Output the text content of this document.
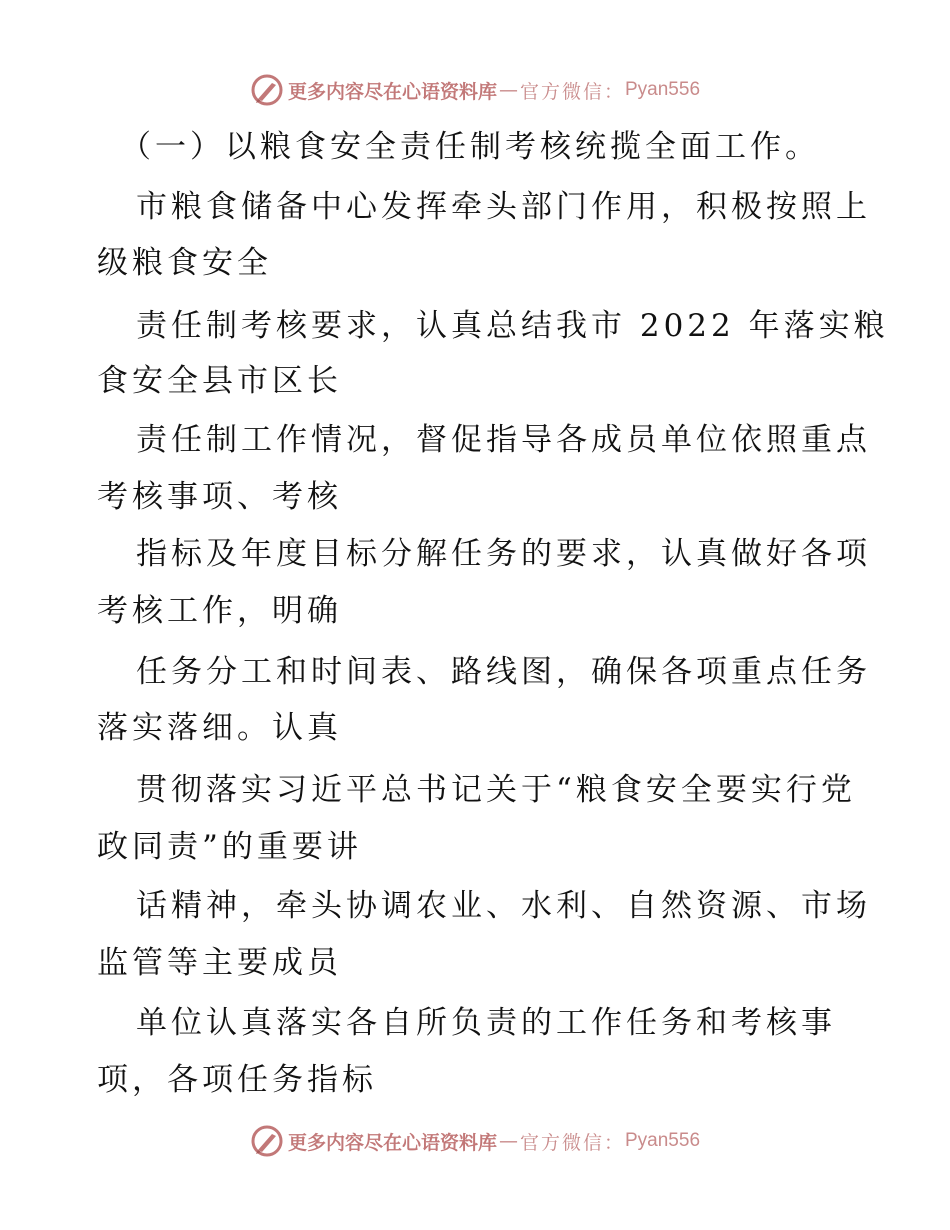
更多内容尽在心语资料库 — 官方微信： Pyan556
（一）以粮食安全责任制考核统揽全面工作。
市粮食储备中心发挥牵头部门作用，积极按照上
级粮食安全
责任制考核要求，认真总结我市 2022 年落实粮
食安全县市区长
责任制工作情况，督促指导各成员单位依照重点
考核事项、考核
指标及年度目标分解任务的要求，认真做好各项
考核工作，明确
任务分工和时间表、路线图，确保各项重点任务
落实落细。认真
贯彻落实习近平总书记关于“粮食安全要实行党
政同责”的重要讲
话精神，牵头协调农业、水利、自然资源、市场
监管等主要成员
单位认真落实各自所负责的工作任务和考核事
项，各项任务指标
更多内容尽在心语资料库 — 官方微信： Pyan556
